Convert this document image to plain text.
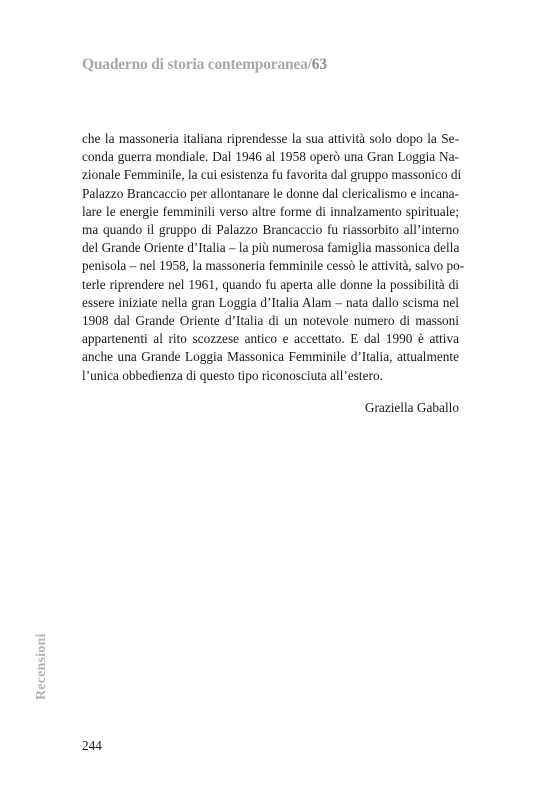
Quaderno di storia contemporanea/63
che la massoneria italiana riprendesse la sua attività solo dopo la Se-
conda guerra mondiale. Dal 1946 al 1958 operò una Gran Loggia Na-
zionale Femminile, la cui esistenza fu favorita dal gruppo massonico di
Palazzo Brancaccio per allontanare le donne dal clericalismo e incana-
lare le energie femminili verso altre forme di innalzamento spirituale;
ma quando il gruppo di Palazzo Brancaccio fu riassorbito all’interno
del Grande Oriente d’Italia – la più numerosa famiglia massonica della
penisola – nel 1958, la massoneria femminile cessò le attività, salvo po-
terle riprendere nel 1961, quando fu aperta alle donne la possibilità di
essere iniziate nella gran Loggia d’Italia Alam – nata dallo scisma nel
1908 dal Grande Oriente d’Italia di un notevole numero di massoni
appartenenti al rito scozzese antico e accettato. E dal 1990 è attiva
anche una Grande Loggia Massonica Femminile d’Italia, attualmente
l’unica obbedienza di questo tipo riconosciuta all’estero.
Graziella Gaballo
Recensioni
244
